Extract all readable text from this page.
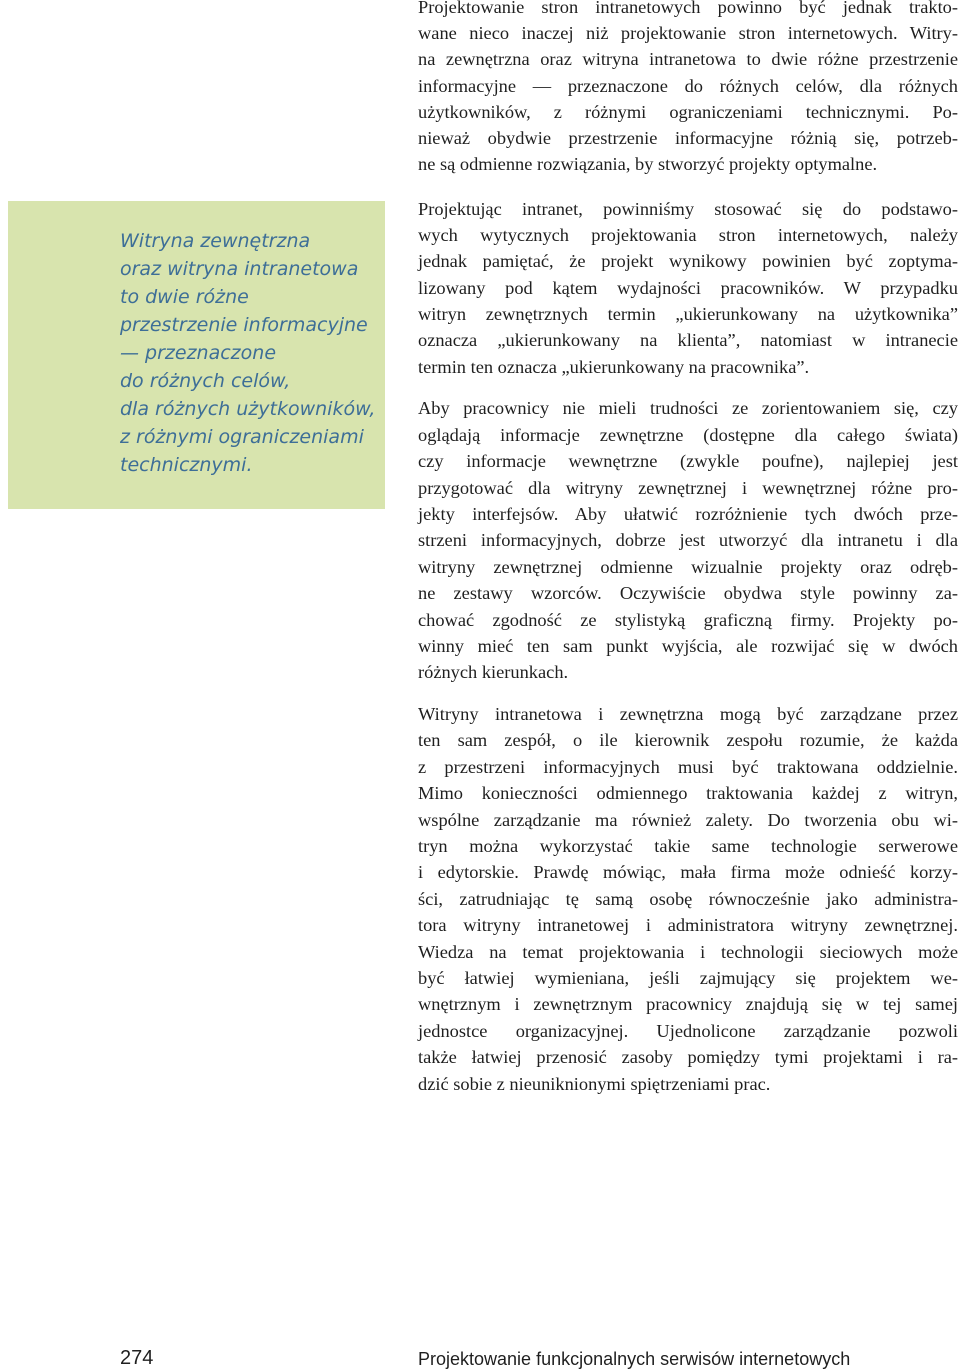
Witryna zewnętrzna
oraz witryna intranetowa
to dwie różne
przestrzenie informacyjne
— przeznaczone
do różnych celów,
dla różnych użytkowników,
z różnymi ograniczeniami
technicznymi.
Projektowanie stron intranetowych powinno być jednak trakto-
wane nieco inaczej niż projektowanie stron internetowych. Witry-
na zewnętrzna oraz witryna intranetowa to dwie różne przestrzenie
informacyjne — przeznaczone do różnych celów, dla różnych
użytkowników, z różnymi ograniczeniami technicznymi. Po-
nieważ obydwie przestrzenie informacyjne różnią się, potrzeb-
ne są odmienne rozwiązania, by stworzyć projekty optymalne.
Projektując intranet, powinniśmy stosować się do podstawo-
wych wytycznych projektowania stron internetowych, należy
jednak pamiętać, że projekt wynikowy powinien być zoptyma-
lizowany pod kątem wydajności pracowników. W przypadku
witryn zewnętrznych termin „ukierunkowany na użytkownika”
oznacza „ukierunkowany na klienta”, natomiast w intranecie
termin ten oznacza „ukierunkowany na pracownika”.
Aby pracownicy nie mieli trudności ze zorientowaniem się, czy
oglądają informacje zewnętrzne (dostępne dla całego świata)
czy informacje wewnętrzne (zwykle poufne), najlepiej jest
przygotować dla witryny zewnętrznej i wewnętrznej różne pro-
jekty interfejsów. Aby ułatwić rozróżnienie tych dwóch prze-
strzeni informacyjnych, dobrze jest utworzyć dla intranetu i dla
witryny zewnętrznej odmienne wizualnie projekty oraz odręb-
ne zestawy wzorców. Oczywiście obydwa style powinny za-
chować zgodność ze stylistyką graficzną firmy. Projekty po-
winny mieć ten sam punkt wyjścia, ale rozwijać się w dwóch
różnych kierunkach.
Witryny intranetowa i zewnętrzna mogą być zarządzane przez
ten sam zespół, o ile kierownik zespołu rozumie, że każda
z przestrzeni informacyjnych musi być traktowana oddzielnie.
Mimo konieczności odmiennego traktowania każdej z witryn,
wspólne zarządzanie ma również zalety. Do tworzenia obu wi-
tryn można wykorzystać takie same technologie serwerowe
i edytorskie. Prawdę mówiąc, mała firma może odnieść korzy-
ści, zatrudniając tę samą osobę równocześnie jako administra-
tora witryny intranetowej i administratora witryny zewnętrznej.
Wiedza na temat projektowania i technologii sieciowych może
być łatwiej wymieniana, jeśli zajmujący się projektem we-
wnętrznym i zewnętrznym pracownicy znajdują się w tej samej
jednostce organizacyjnej. Ujednolicone zarządzanie pozwoli
także łatwiej przenosić zasoby pomiędzy tymi projektami i ra-
dzić sobie z nieuniknionymi spiętrzeniami prac.
274	Projektowanie funkcjonalnych serwisów internetowych
